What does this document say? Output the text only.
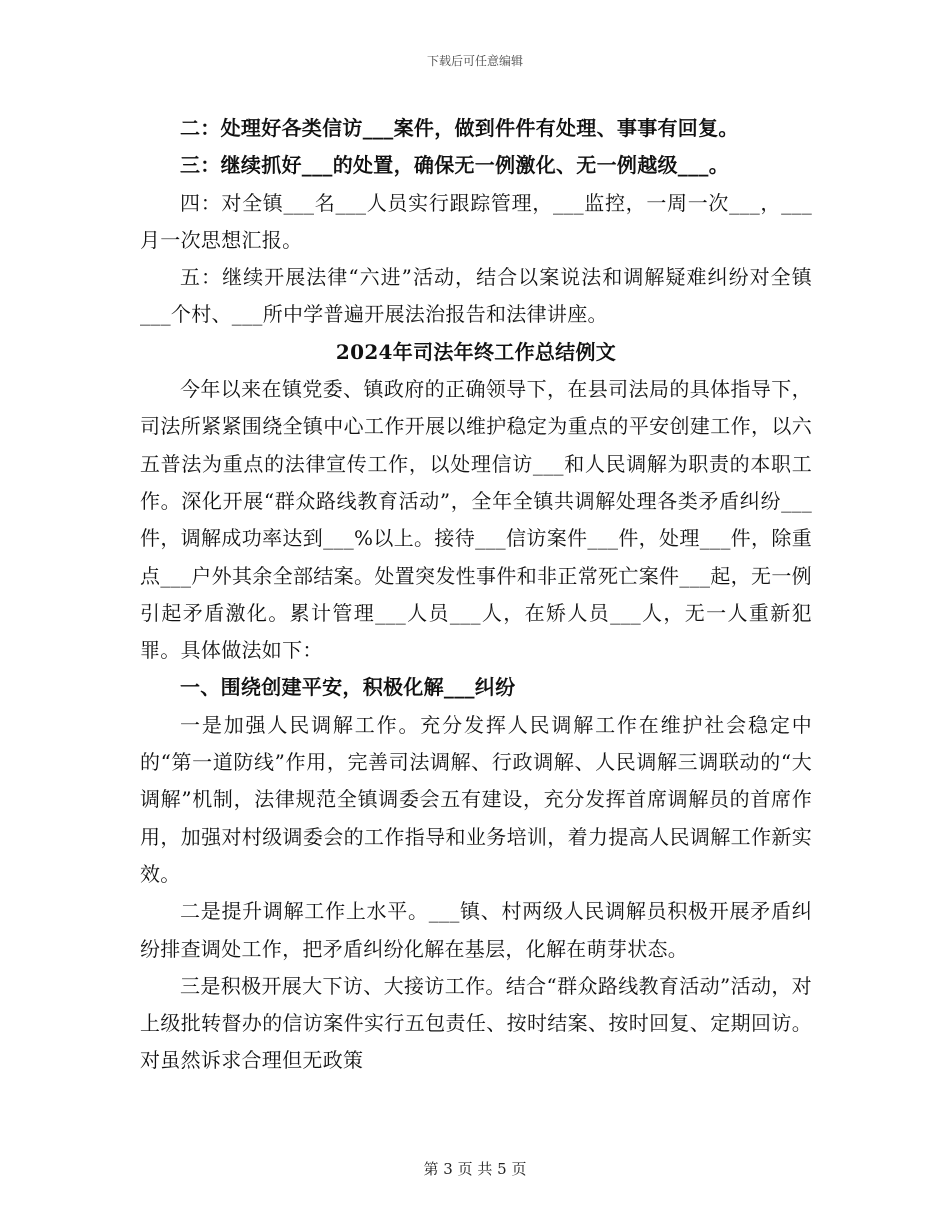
下载后可任意编辑

二：处理好各类信访___案件，做到件件有处理、事事有回复。

三：继续抓好___的处置，确保无一例激化、无一例越级___。

四：对全镇___名___人员实行跟踪管理，___监控，一周一次___，___月一次思想汇报。

五：继续开展法律“六进”活动，结合以案说法和调解疑难纠纷对全镇___个村、___所中学普遍开展法治报告和法律讲座。

2024年司法年终工作总结例文

今年以来在镇党委、镇政府的正确领导下，在县司法局的具体指导下，司法所紧紧围绕全镇中心工作开展以维护稳定为重点的平安创建工作，以六五普法为重点的法律宣传工作，以处理信访___和人民调解为职责的本职工作。深化开展“群众路线教育活动”，全年全镇共调解处理各类矛盾纠纷___件，调解成功率达到___%以上。接待___信访案件___件，处理___件，除重点___户外其余全部结案。处置突发性事件和非正常死亡案件___起，无一例引起矛盾激化。累计管理___人员___人，在矫人员___人，无一人重新犯罪。具体做法如下：

一、围绕创建平安，积极化解___纠纷

一是加强人民调解工作。充分发挥人民调解工作在维护社会稳定中的“第一道防线”作用，完善司法调解、行政调解、人民调解三调联动的“大调解”机制，法律规范全镇调委会五有建设，充分发挥首席调解员的首席作用，加强对村级调委会的工作指导和业务培训，着力提高人民调解工作新实效。

二是提升调解工作上水平。___镇、村两级人民调解员积极开展矛盾纠纷排查调处工作，把矛盾纠纷化解在基层，化解在萌芽状态。

三是积极开展大下访、大接访工作。结合“群众路线教育活动”活动，对上级批转督办的信访案件实行五包责任、按时结案、按时回复、定期回访。对虽然诉求合理但无政策

第 3 页 共 5 页
